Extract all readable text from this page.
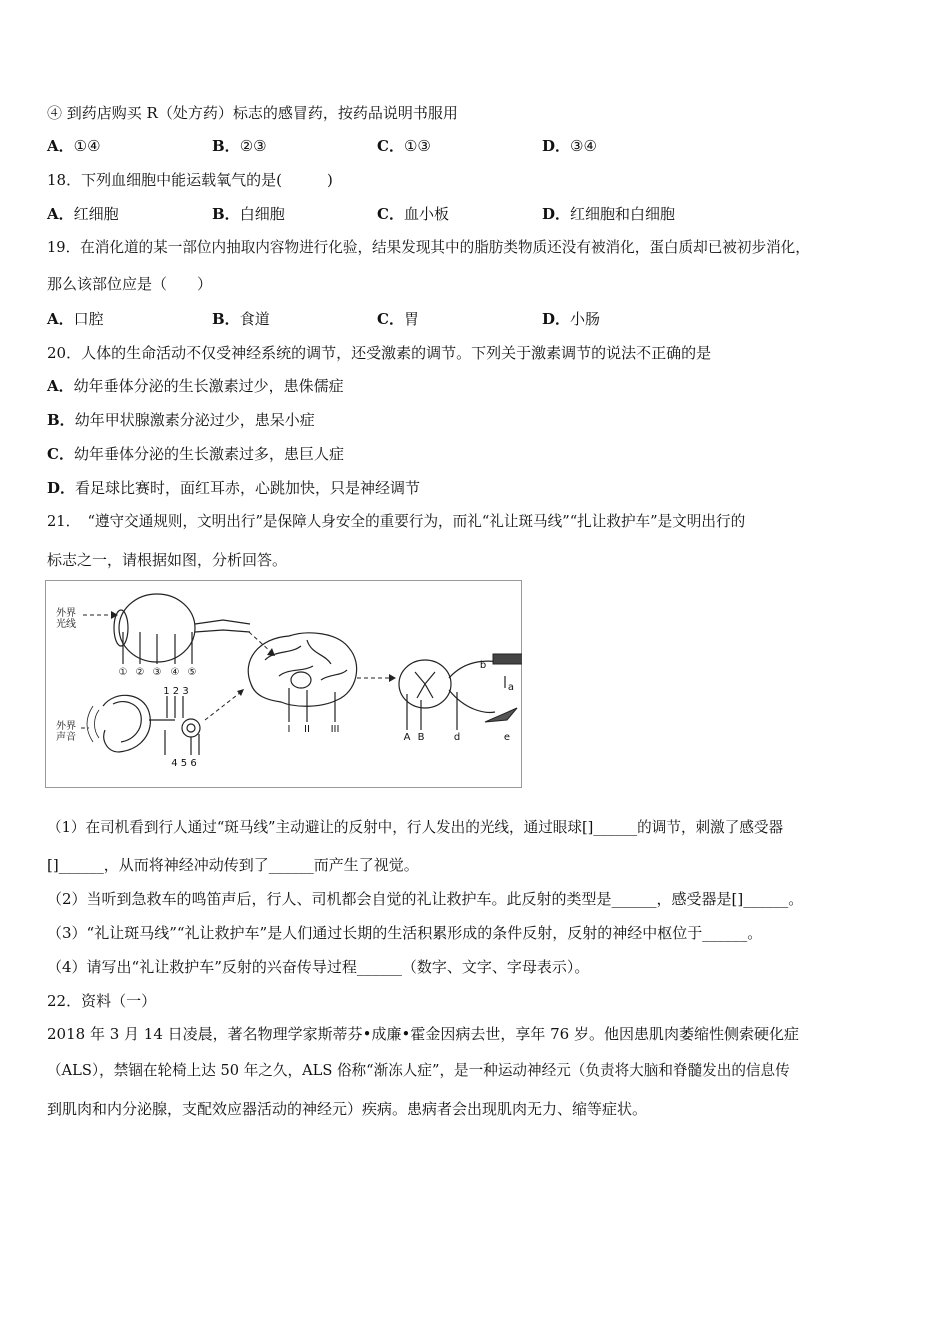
④ 到药店购买 R（处方药）标志的感冒药，按药品说明书服用
A．①④	B．②③	C．①③	D．③④
18．下列血细胞中能运载氧气的是(　　　)
A．红细胞	B．白细胞	C．血小板	D．红细胞和白细胞
19．在消化道的某一部位内抽取内容物进行化验，结果发现其中的脂肪类物质还没有被消化，蛋白质却已被初步消化，
那么该部位应是（　　）
A．口腔	B．食道	C．胃	D．小肠
20．人体的生命活动不仅受神经系统的调节，还受激素的调节。下列关于激素调节的说法不正确的是
A．幼年垂体分泌的生长激素过少，患侏儒症
B．幼年甲状腺激素分泌过少，患呆小症
C．幼年垂体分泌的生长激素过多，患巨人症
D．看足球比赛时，面红耳赤，心跳加快，只是神经调节
21．　“遵守交通规则，文明出行”是保障人身安全的重要行为，而礼“礼让斑马线”“扎让救护车”是文明出行的
标志之一，请根据如图，分析回答。
外界
光线
外界
声音
① ② ③ ④ ⑤
1 2 3
4 5 6
I II III
A B	d	e
a
b
（1）在司机看到行人通过“斑马线”主动避让的反射中，行人发出的光线，通过眼球[]______的调节，刺激了感受器
[]______，从而将神经冲动传到了______而产生了视觉。
（2）当听到急救车的鸣笛声后，行人、司机都会自觉的礼让救护车。此反射的类型是______，感受器是[]______。
（3）“礼让斑马线”“礼让救护车”是人们通过长期的生活积累形成的条件反射，反射的神经中枢位于______。
（4）请写出“礼让救护车”反射的兴奋传导过程______（数字、文字、字母表示）。
22．资料（一）
2018 年 3 月 14 日凌晨，著名物理学家斯蒂芬•成廉•霍金因病去世，享年 76 岁。他因患肌肉萎缩性侧索硬化症
（ALS），禁锢在轮椅上达 50 年之久，ALS 俗称“渐冻人症”，是一种运动神经元（负责将大脑和脊髓发出的信息传
到肌肉和内分泌腺，支配效应器活动的神经元）疾病。患病者会出现肌肉无力、缩等症状。
